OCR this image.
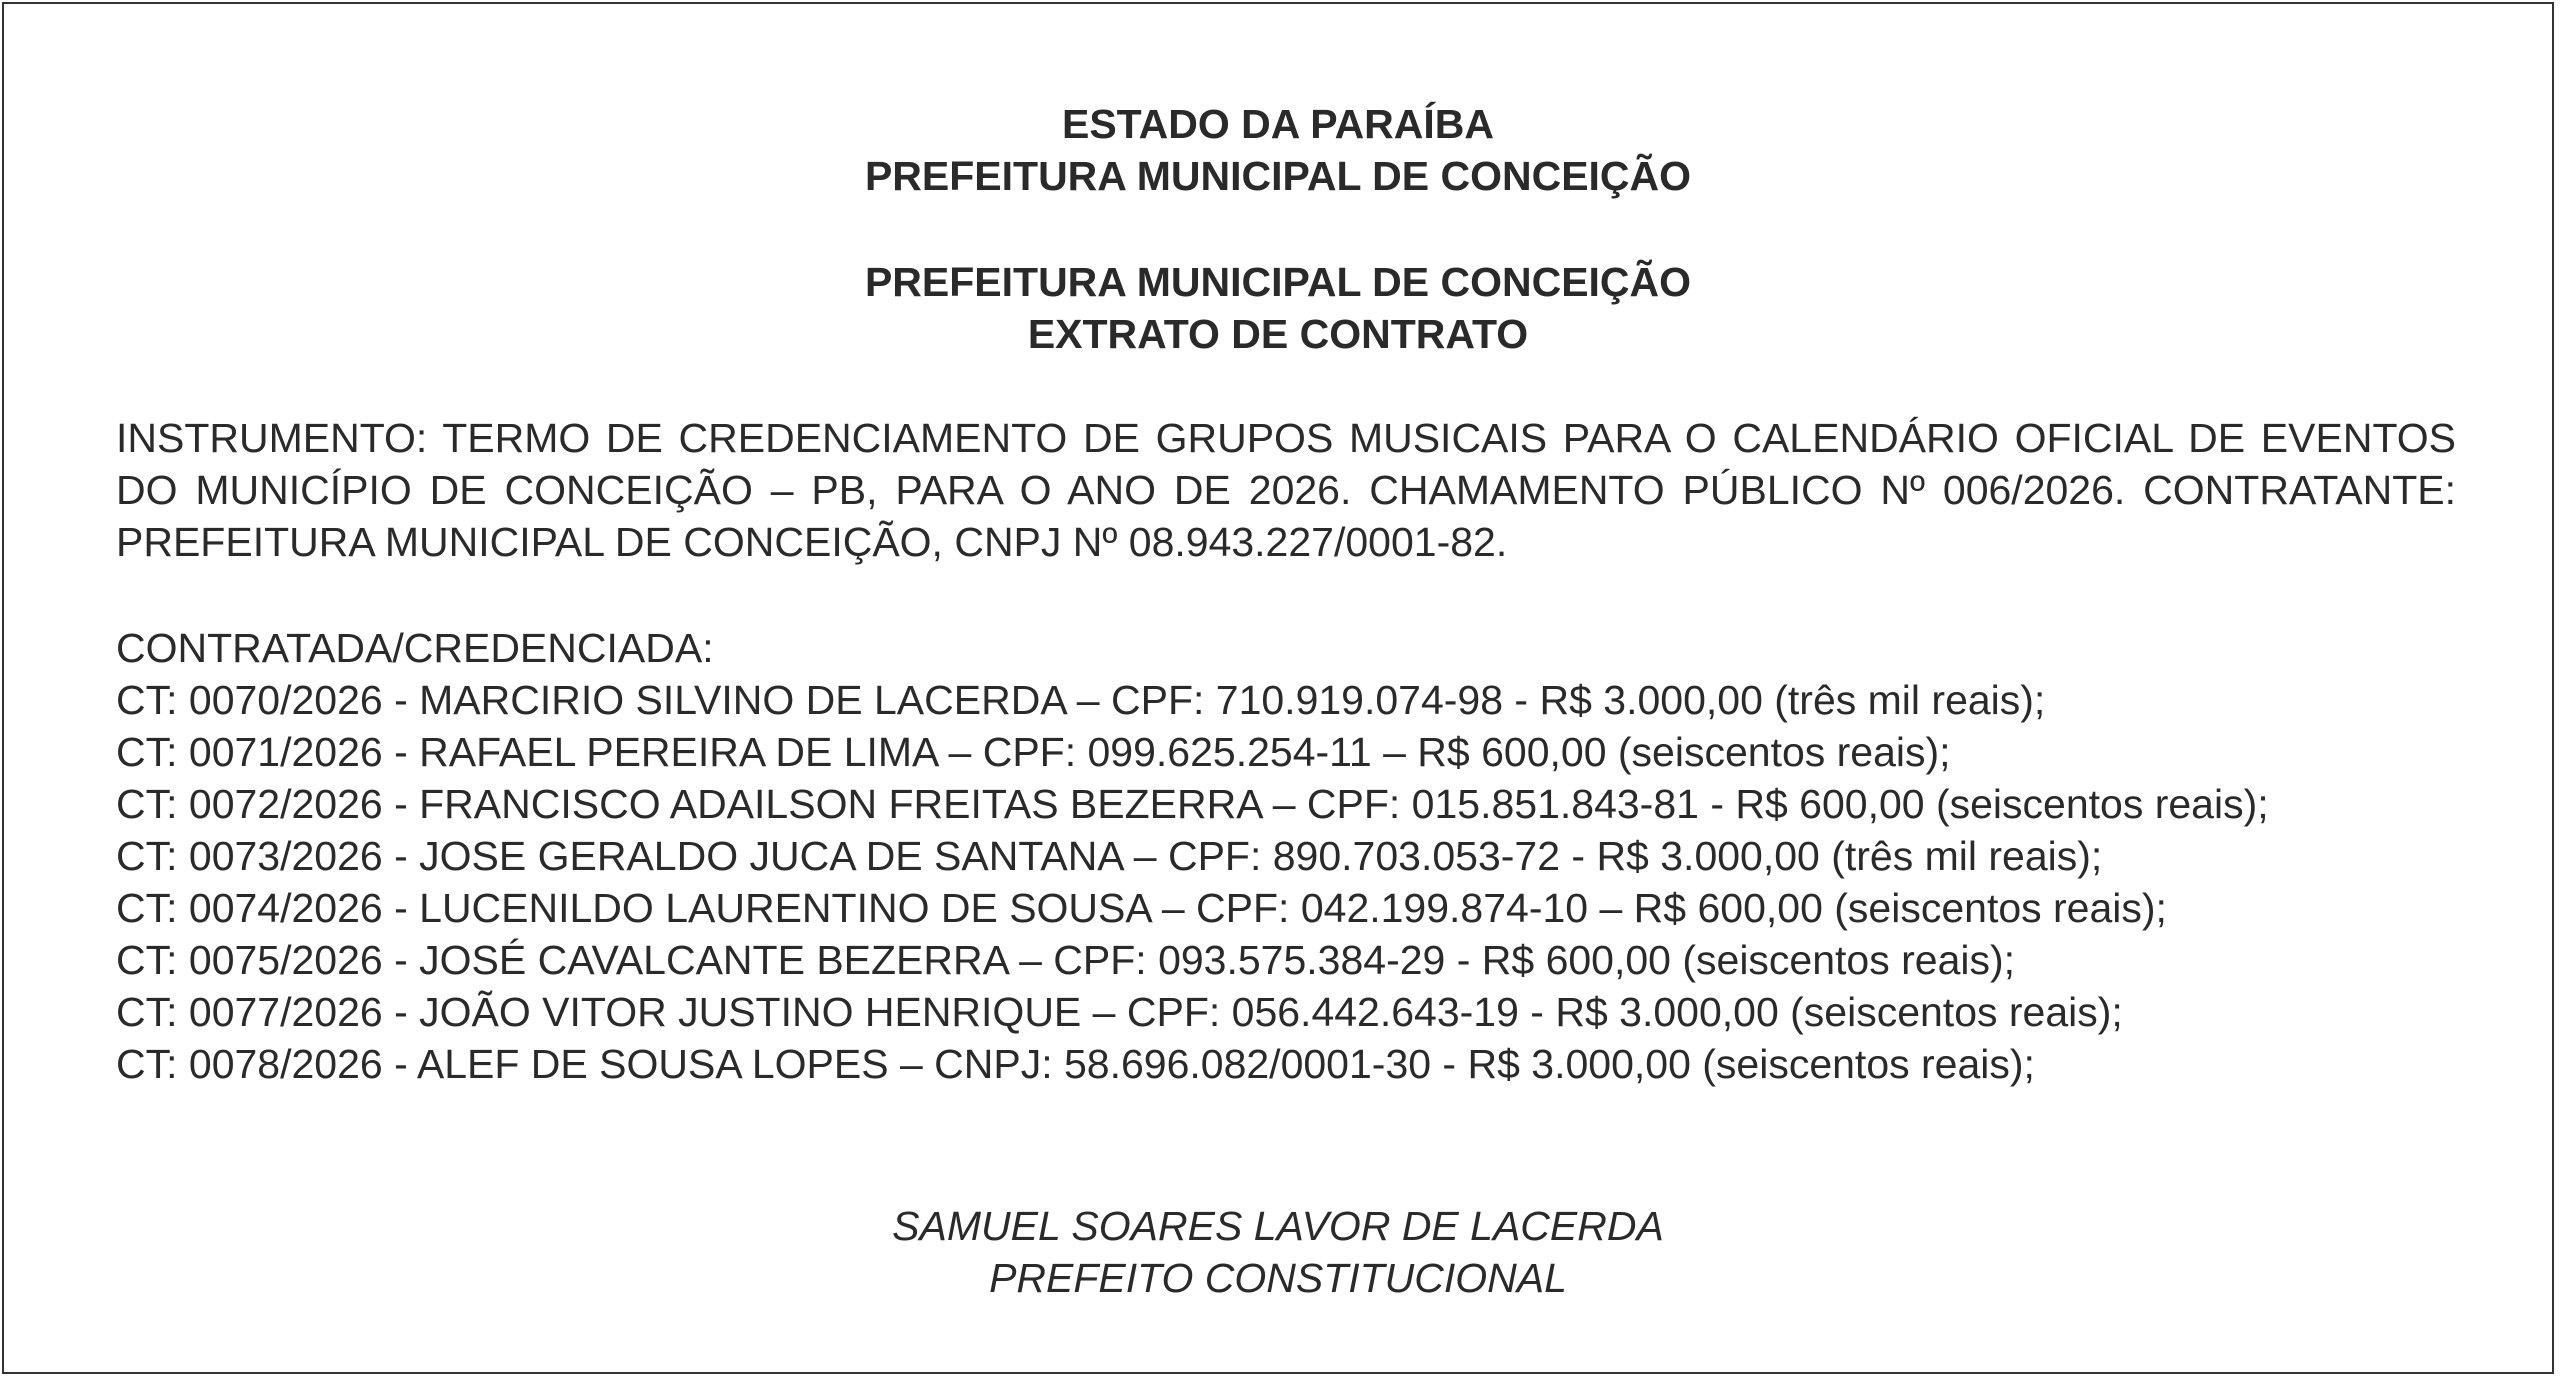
ESTADO DA PARAÍBA
PREFEITURA MUNICIPAL DE CONCEIÇÃO
PREFEITURA MUNICIPAL DE CONCEIÇÃO
EXTRATO DE CONTRATO
INSTRUMENTO: TERMO DE CREDENCIAMENTO DE GRUPOS MUSICAIS PARA O CALENDÁRIO OFICIAL DE EVENTOS DO MUNICÍPIO DE CONCEIÇÃO – PB, PARA O ANO DE 2026. CHAMAMENTO PÚBLICO Nº 006/2026. CONTRATANTE: PREFEITURA MUNICIPAL DE CONCEIÇÃO, CNPJ Nº 08.943.227/0001-82.
CONTRATADA/CREDENCIADA:
CT: 0070/2026 - MARCIRIO SILVINO DE LACERDA – CPF: 710.919.074-98 - R$ 3.000,00 (três mil reais);
CT: 0071/2026 - RAFAEL PEREIRA DE LIMA – CPF: 099.625.254-11 – R$ 600,00 (seiscentos reais);
CT: 0072/2026 - FRANCISCO ADAILSON FREITAS BEZERRA – CPF: 015.851.843-81 - R$ 600,00 (seiscentos reais);
CT: 0073/2026 - JOSE GERALDO JUCA DE SANTANA – CPF: 890.703.053-72 - R$ 3.000,00 (três mil reais);
CT: 0074/2026 - LUCENILDO LAURENTINO DE SOUSA – CPF: 042.199.874-10 – R$ 600,00 (seiscentos reais);
CT: 0075/2026 - JOSÉ CAVALCANTE BEZERRA – CPF: 093.575.384-29 - R$ 600,00 (seiscentos reais);
CT: 0077/2026 - JOÃO VITOR JUSTINO HENRIQUE – CPF: 056.442.643-19 - R$ 3.000,00 (seiscentos reais);
CT: 0078/2026 - ALEF DE SOUSA LOPES – CNPJ: 58.696.082/0001-30 - R$ 3.000,00 (seiscentos reais);
SAMUEL SOARES LAVOR DE LACERDA
PREFEITO CONSTITUCIONAL
